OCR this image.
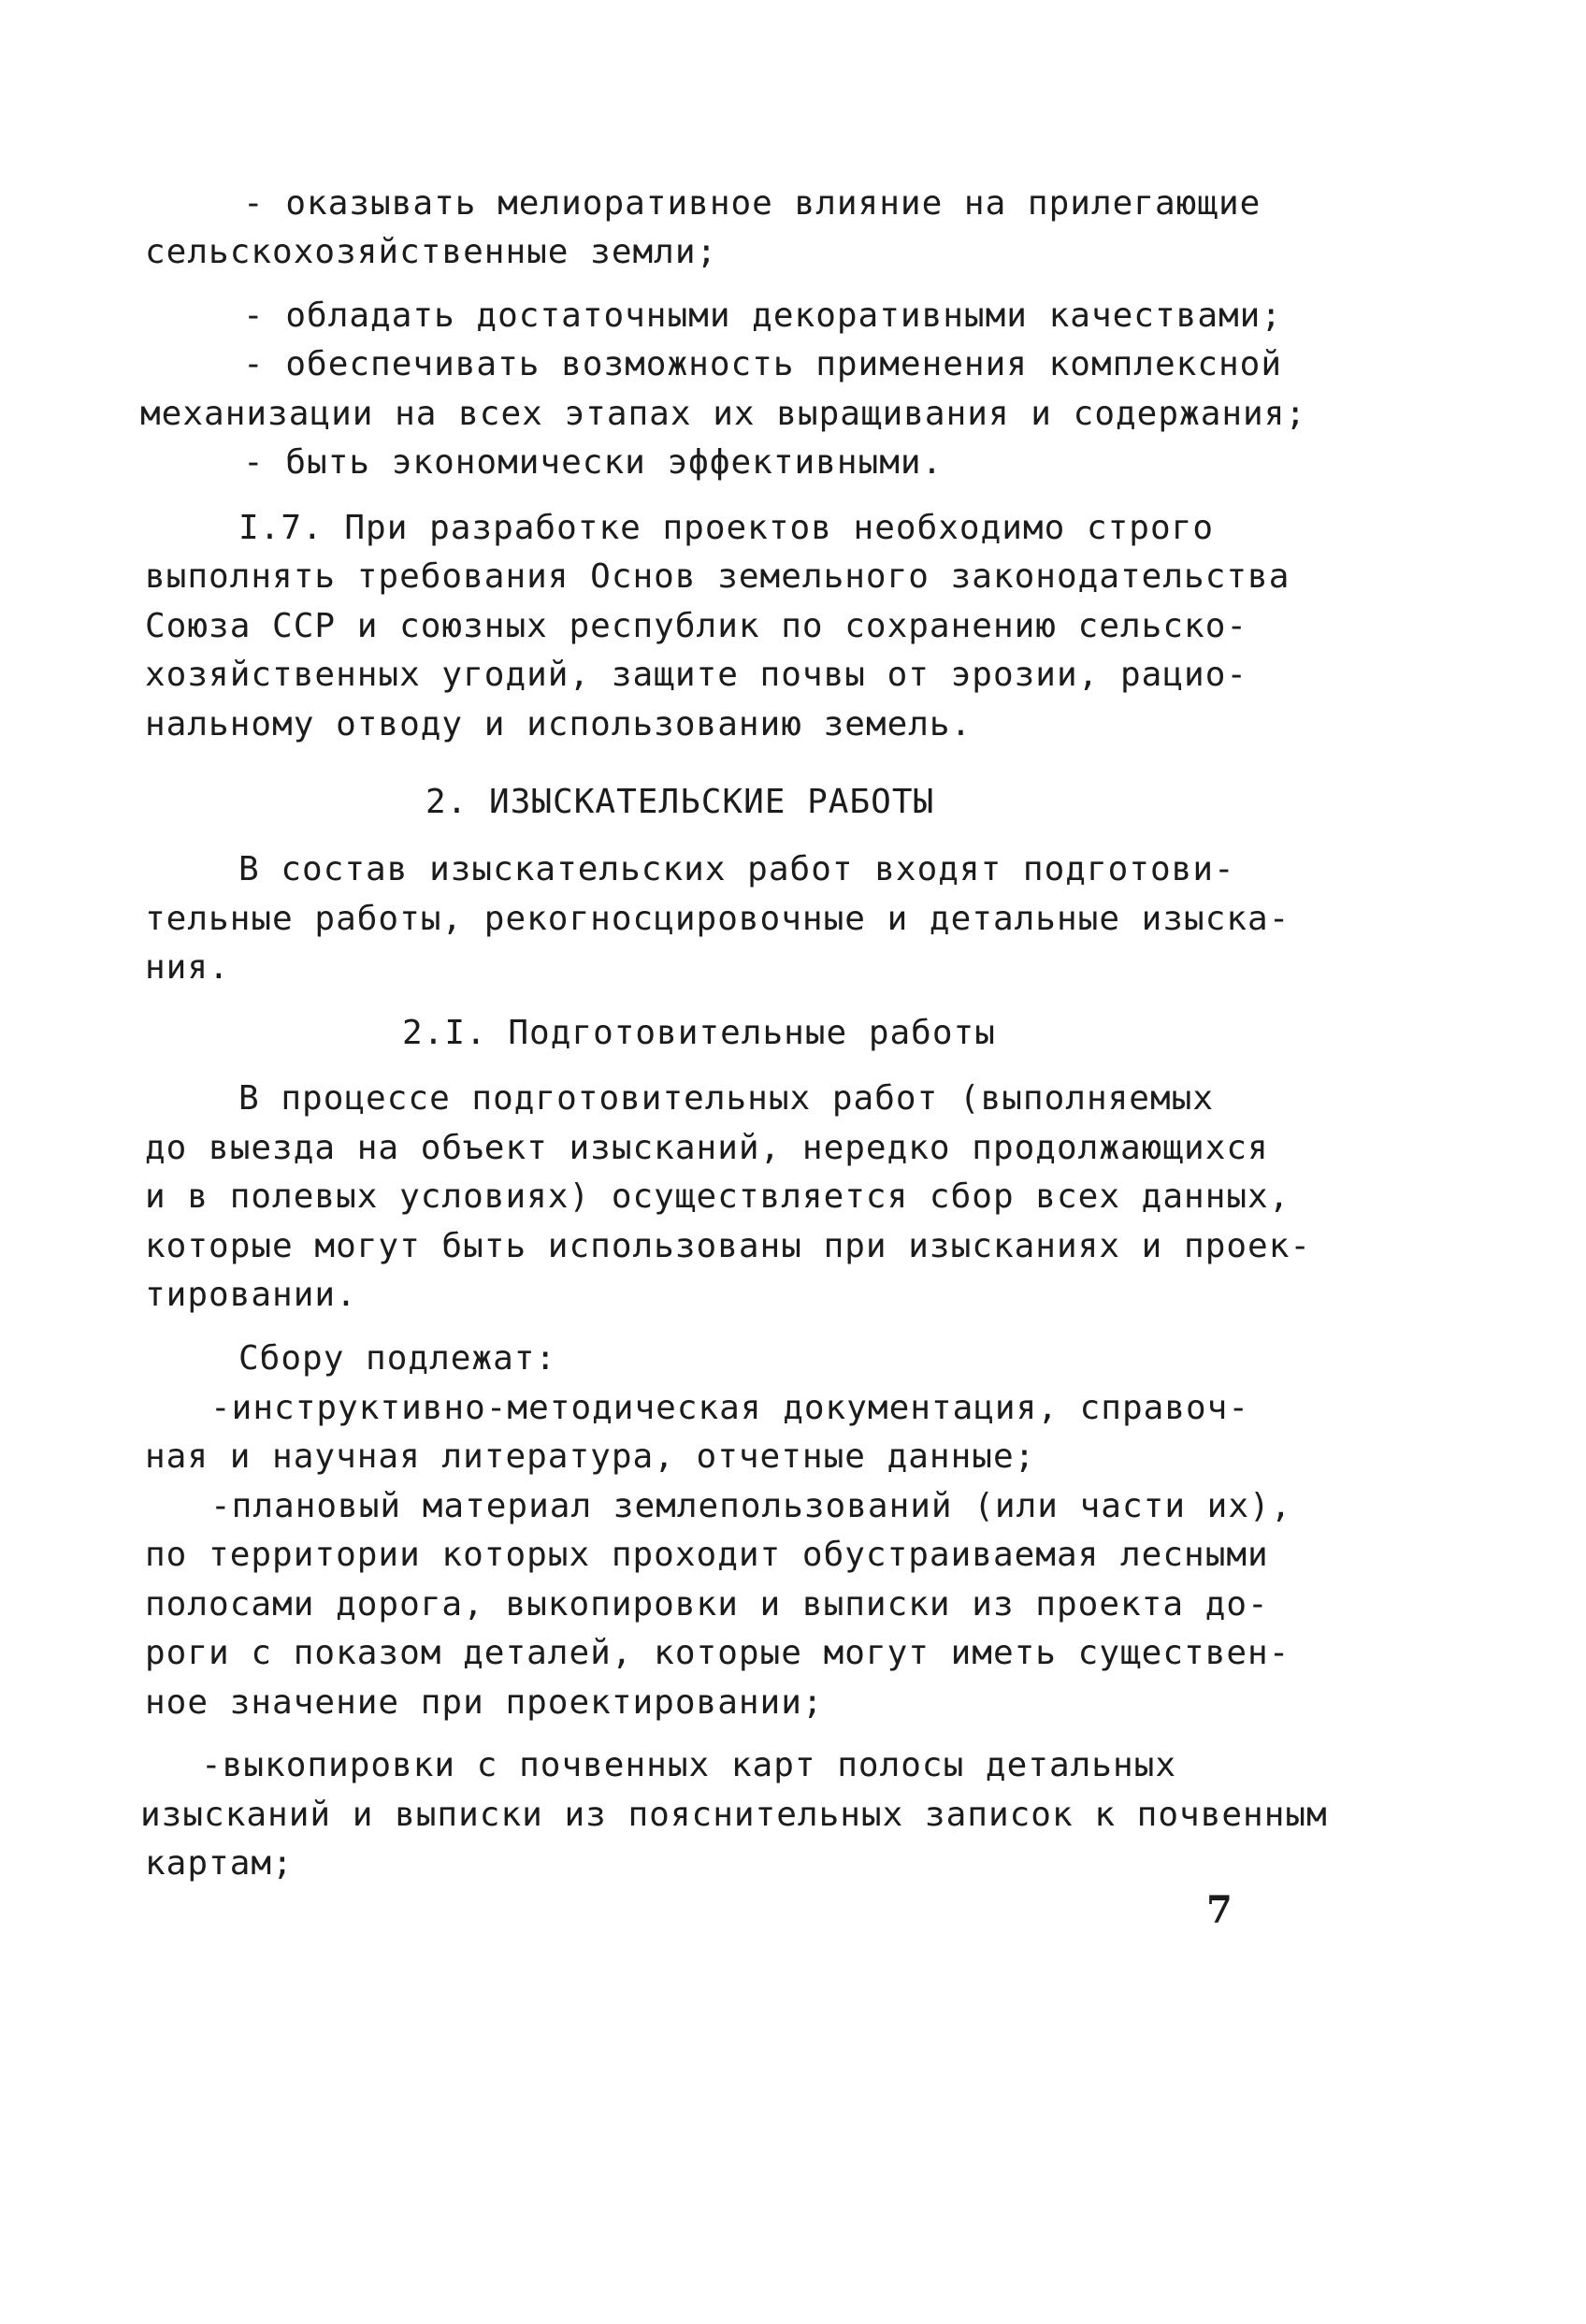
- оказывать мелиоративное влияние на прилегающие
сельскохозяйственные земли;
- обладать достаточными декоративными качествами;
- обеспечивать возможность применения комплексной
механизации на всех этапах их выращивания и содержания;
- быть экономически эффективными.
I.7. При разработке проектов необходимо строго
выполнять требования Основ земельного законодательства
Союза ССР и союзных республик по сохранению сельско-
хозяйственных угодий, защите почвы от эрозии, рацио-
нальному отводу и использованию земель.
2. ИЗЫСКАТЕЛЬСКИЕ РАБОТЫ
В состав изыскательских работ входят подготови-
тельные работы, рекогносцировочные и детальные изыска-
ния.
2.I. Подготовительные работы
В процессе подготовительных работ (выполняемых
до выезда на объект изысканий, нередко продолжающихся
и в полевых условиях) осуществляется сбор всех данных,
которые могут быть использованы при изысканиях и проек-
тировании.
Сбору подлежат:
-инструктивно-методическая документация, справоч-
ная и научная литература, отчетные данные;
-плановый материал землепользований (или части их),
по территории которых проходит обустраиваемая лесными
полосами дорога, выкопировки и выписки из проекта до-
роги с показом деталей, которые могут иметь существен-
ное значение при проектировании;
-выкопировки с почвенных карт полосы детальных
изысканий и выписки из пояснительных записок к почвенным
картам;
7
